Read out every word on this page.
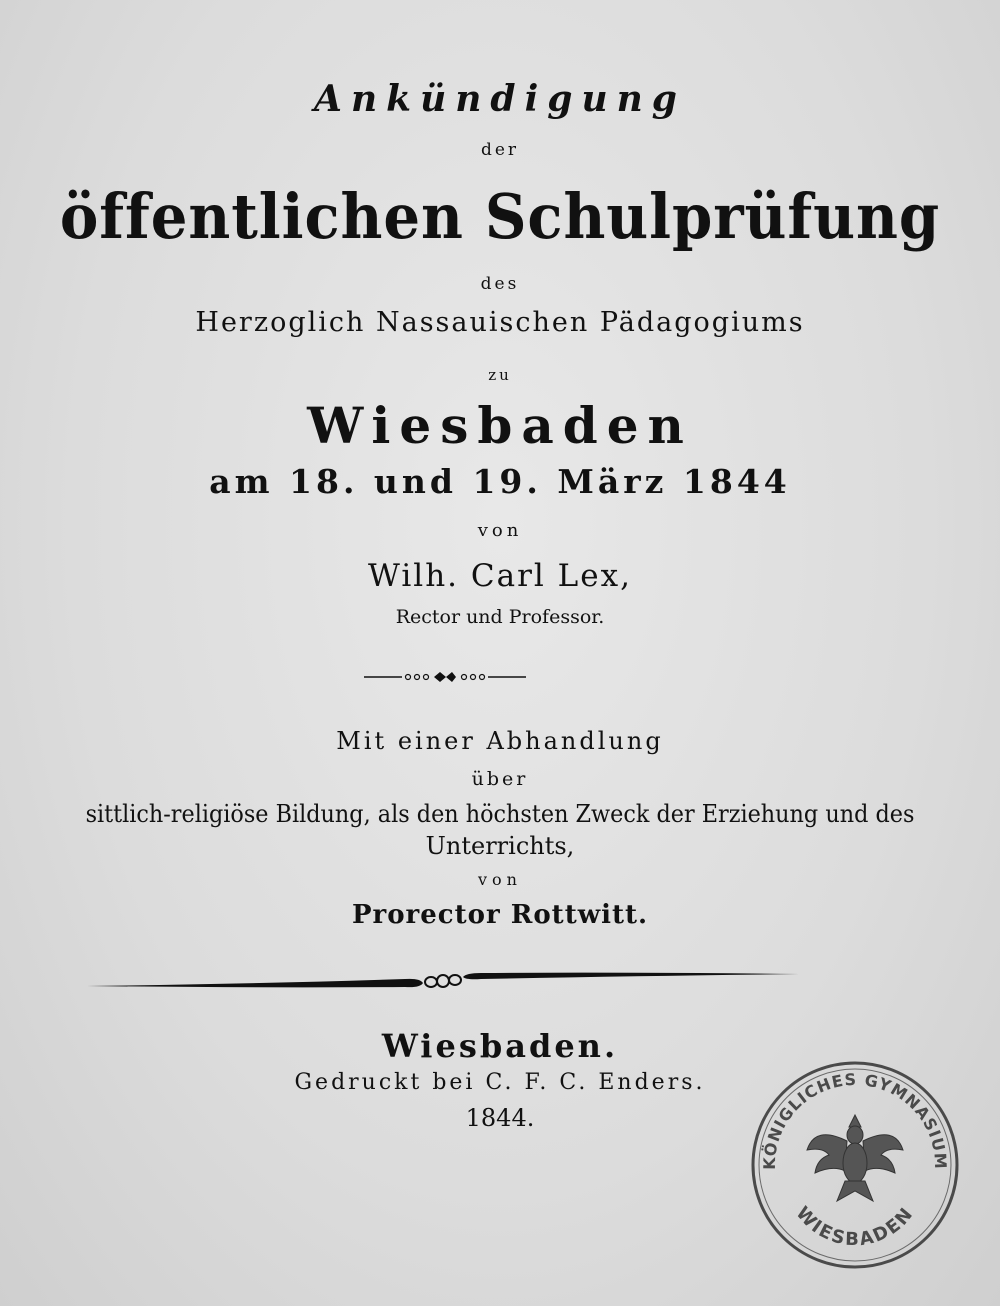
Ankündigung
der
öffentlichen Schulprüfung
des
Herzoglich Nassauischen Pädagogiums
zu
Wiesbaden
am 18. und 19. März 1844
von
Wilh. Carl Lex,
Rector und Professor.
Mit einer Abhandlung
über
sittlich-religiöse Bildung, als den höchsten Zweck der Erziehung und des
Unterrichts,
von
Prorector Rottwitt.
Wiesbaden.
Gedruckt bei C. F. C. Enders.
1844.
KÖNIGLICHES GYMNASIUM
WIESBADEN
